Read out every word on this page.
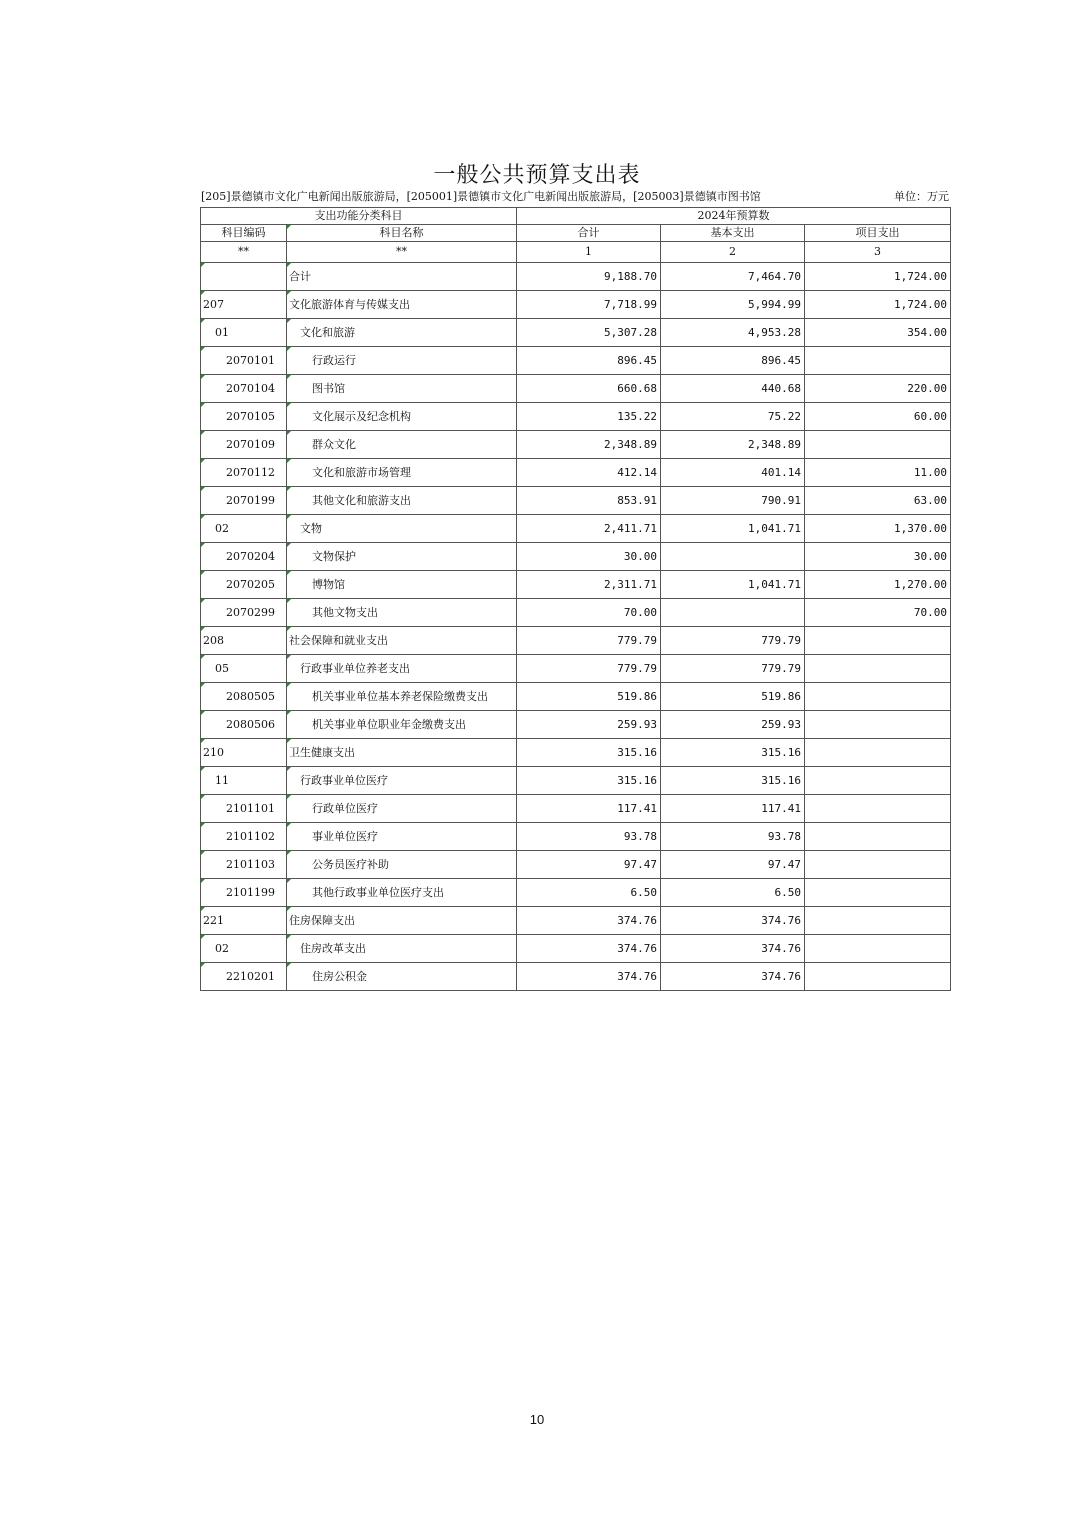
一般公共预算支出表
[205]景德镇市文化广电新闻出版旅游局，[205001]景德镇市文化广电新闻出版旅游局，[205003]景德镇市图书馆	单位：万元
支出功能分类科目		2024年预算数		
科目编码	科目名称	合计	基本支出	项目支出
**	**	1	2	3
	合计	9,188.70	7,464.70	1,724.00
207	文化旅游体育与传媒支出	7,718.99	5,994.99	1,724.00
01	文化和旅游	5,307.28	4,953.28	354.00
2070101	行政运行	896.45	896.45	
2070104	图书馆	660.68	440.68	220.00
2070105	文化展示及纪念机构	135.22	75.22	60.00
2070109	群众文化	2,348.89	2,348.89	
2070112	文化和旅游市场管理	412.14	401.14	11.00
2070199	其他文化和旅游支出	853.91	790.91	63.00
02	文物	2,411.71	1,041.71	1,370.00
2070204	文物保护	30.00		30.00
2070205	博物馆	2,311.71	1,041.71	1,270.00
2070299	其他文物支出	70.00		70.00
208	社会保障和就业支出	779.79	779.79	
05	行政事业单位养老支出	779.79	779.79	
2080505	机关事业单位基本养老保险缴费支出	519.86	519.86	
2080506	机关事业单位职业年金缴费支出	259.93	259.93	
210	卫生健康支出	315.16	315.16	
11	行政事业单位医疗	315.16	315.16	
2101101	行政单位医疗	117.41	117.41	
2101102	事业单位医疗	93.78	93.78	
2101103	公务员医疗补助	97.47	97.47	
2101199	其他行政事业单位医疗支出	6.50	6.50	
221	住房保障支出	374.76	374.76	
02	住房改革支出	374.76	374.76	
2210201	住房公积金	374.76	374.76	
10
